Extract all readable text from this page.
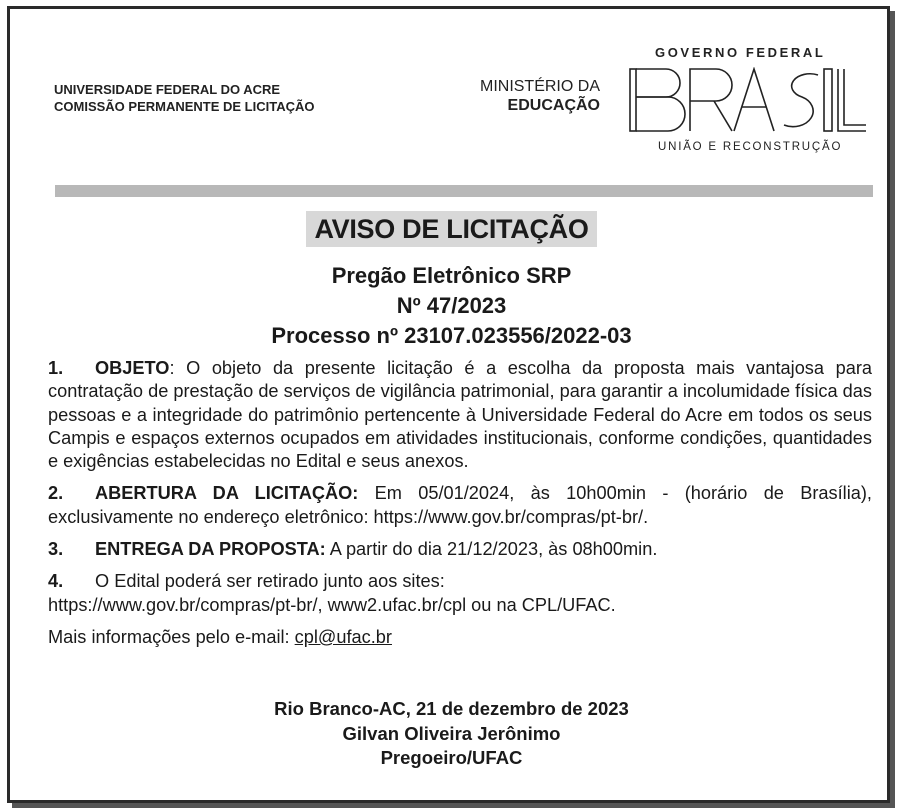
UNIVERSIDADE FEDERAL DO ACRE
COMISSÃO PERMANENTE DE LICITAÇÃO
MINISTÉRIO DA
EDUCAÇÃO
GOVERNO FEDERAL
UNIÃO E RECONSTRUÇÃO
AVISO DE LICITAÇÃO
Pregão Eletrônico SRP
Nº 47/2023
Processo nº 23107.023556/2022-03
1. OBJETO: O objeto da presente licitação é a escolha da proposta mais vantajosa para contratação de prestação de serviços de vigilância patrimonial, para garantir a incolumidade física das pessoas e a integridade do patrimônio pertencente à Universidade Federal do Acre em todos os seus Campis e espaços externos ocupados em atividades institucionais, conforme condições, quantidades e exigências estabelecidas no Edital e seus anexos.
2. ABERTURA DA LICITAÇÃO: Em 05/01/2024, às 10h00min - (horário de Brasília), exclusivamente no endereço eletrônico: https://www.gov.br/compras/pt-br/.
3. ENTREGA DA PROPOSTA: A partir do dia 21/12/2023, às 08h00min.
4. O Edital poderá ser retirado junto aos sites:
https://www.gov.br/compras/pt-br/, www2.ufac.br/cpl ou na CPL/UFAC.
Mais informações pelo e-mail: cpl@ufac.br
Rio Branco-AC, 21 de dezembro de 2023
Gilvan Oliveira Jerônimo
Pregoeiro/UFAC
